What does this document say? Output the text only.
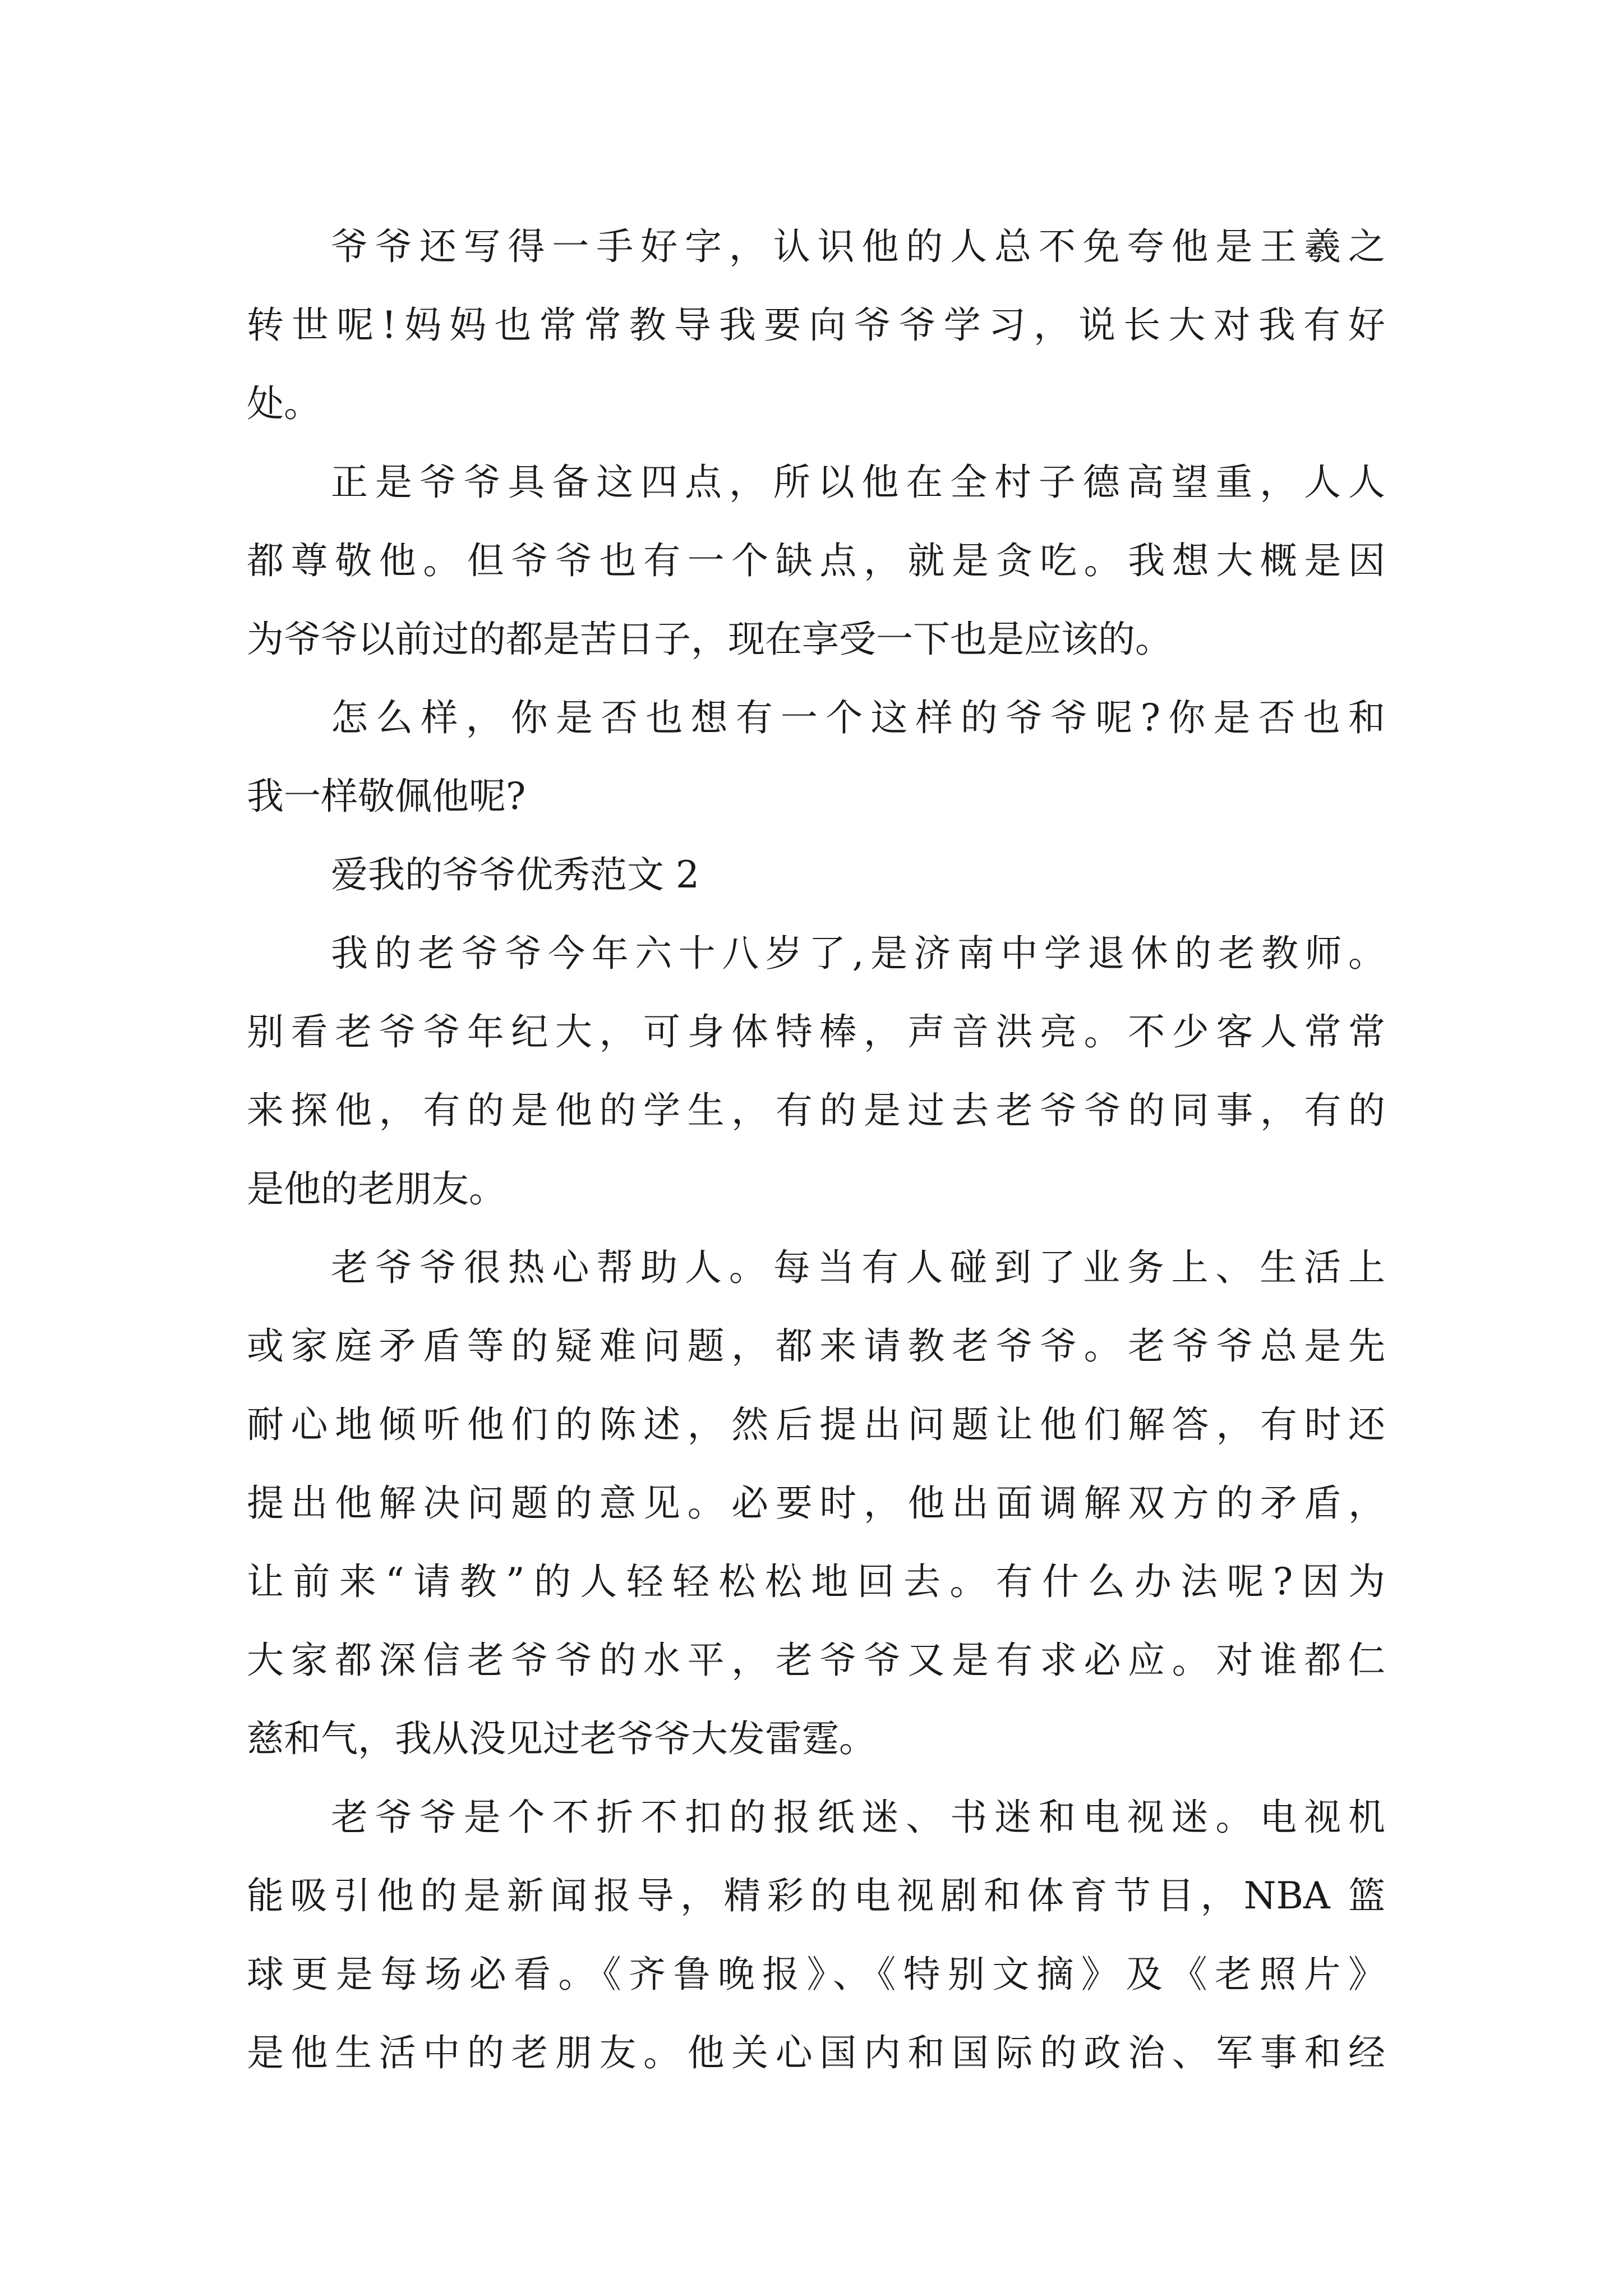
爷爷还写得一手好字，认识他的人总不免夸他是王羲之
转世呢!妈妈也常常教导我要向爷爷学习，说长大对我有好
处。
正是爷爷具备这四点，所以他在全村子德高望重，人人
都尊敬他。但爷爷也有一个缺点，就是贪吃。我想大概是因
为爷爷以前过的都是苦日子，现在享受一下也是应该的。
怎么样，你是否也想有一个这样的爷爷呢?你是否也和
我一样敬佩他呢?
爱我的爷爷优秀范文 2
我的老爷爷今年六十八岁了,是济南中学退休的老教师。
别看老爷爷年纪大，可身体特棒，声音洪亮。不少客人常常
来探他，有的是他的学生，有的是过去老爷爷的同事，有的
是他的老朋友。
老爷爷很热心帮助人。每当有人碰到了业务上、生活上
或家庭矛盾等的疑难问题，都来请教老爷爷。老爷爷总是先
耐心地倾听他们的陈述，然后提出问题让他们解答，有时还
提出他解决问题的意见。必要时，他出面调解双方的矛盾，
让前来“请教”的人轻轻松松地回去。有什么办法呢?因为
大家都深信老爷爷的水平，老爷爷又是有求必应。对谁都仁
慈和气，我从没见过老爷爷大发雷霆。
老爷爷是个不折不扣的报纸迷、书迷和电视迷。电视机
能吸引他的是新闻报导，精彩的电视剧和体育节目，NBA 篮
球更是每场必看。《齐鲁晚报》、《特别文摘》及《老照片》
是他生活中的老朋友。他关心国内和国际的政治、军事和经
